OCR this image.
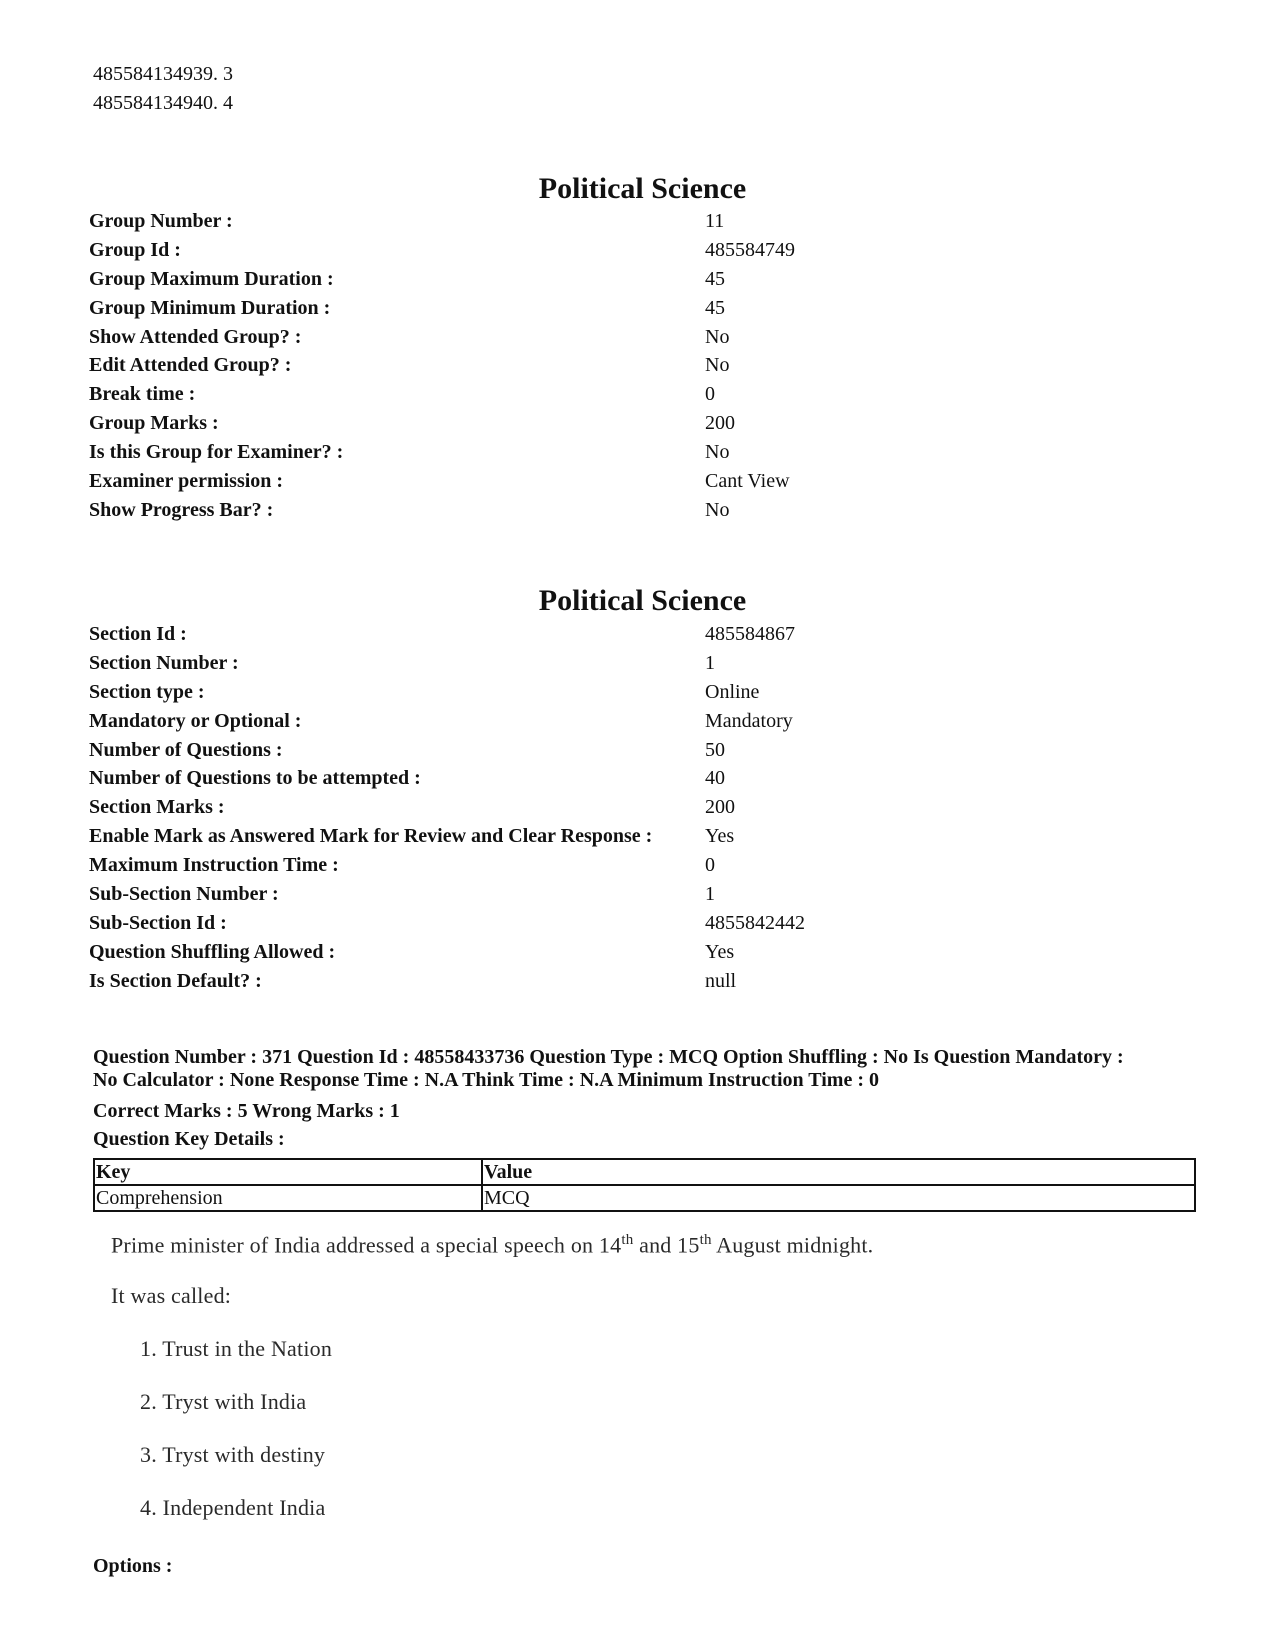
485584134939. 3
485584134940. 4
Political Science
Group Number :	11
Group Id :	485584749
Group Maximum Duration :	45
Group Minimum Duration :	45
Show Attended Group? :	No
Edit Attended Group? :	No
Break time :	0
Group Marks :	200
Is this Group for Examiner? :	No
Examiner permission :	Cant View
Show Progress Bar? :	No
Political Science
Section Id :	485584867
Section Number :	1
Section type :	Online
Mandatory or Optional :	Mandatory
Number of Questions :	50
Number of Questions to be attempted :	40
Section Marks :	200
Enable Mark as Answered Mark for Review and Clear Response :	Yes
Maximum Instruction Time :	0
Sub-Section Number :	1
Sub-Section Id :	4855842442
Question Shuffling Allowed :	Yes
Is Section Default? :	null
Question Number : 371 Question Id : 48558433736 Question Type : MCQ Option Shuffling : No Is Question Mandatory :
No Calculator : None Response Time : N.A Think Time : N.A Minimum Instruction Time : 0
Correct Marks : 5 Wrong Marks : 1
Question Key Details :
Key	Value
Comprehension	MCQ
Prime minister of India addressed a special speech on 14th and 15th August midnight.
It was called:
1. Trust in the Nation
2. Tryst with India
3. Tryst with destiny
4. Independent India
Options :
